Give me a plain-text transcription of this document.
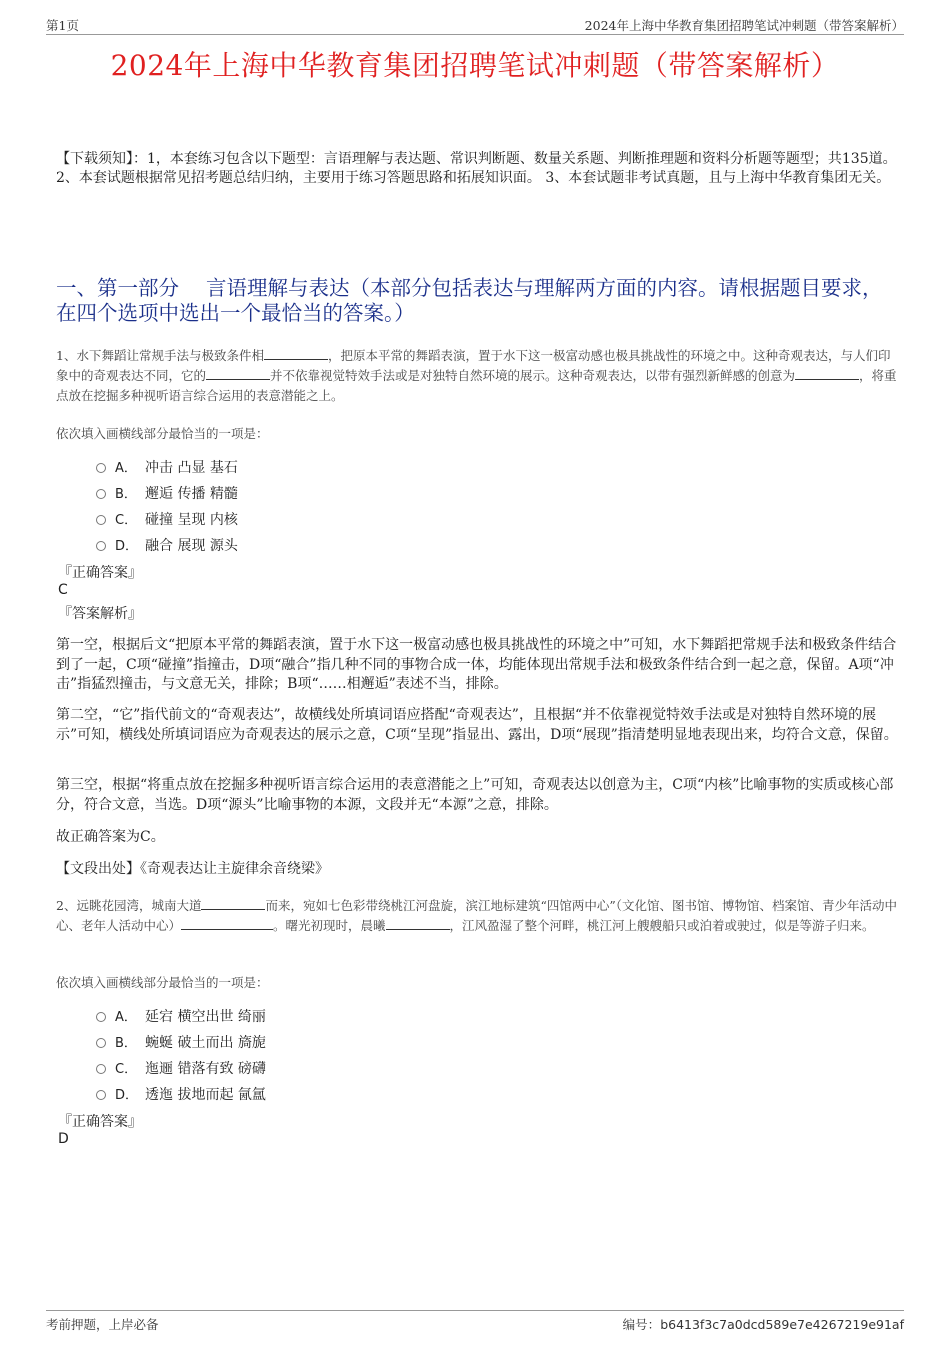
第1页	2024年上海中华教育集团招聘笔试冲刺题（带答案解析）
2024年上海中华教育集团招聘笔试冲刺题（带答案解析）
【下载须知】：1，本套练习包含以下题型：言语理解与表达题、常识判断题、数量关系题、判断推理题和资料分析题等题型；共135道。 2、本套试题根据常见招考题总结归纳，主要用于练习答题思路和拓展知识面。 3、本套试题非考试真题，且与上海中华教育集团无关。
一、第一部分　 言语理解与表达（本部分包括表达与理解两方面的内容。请根据题目要求，在四个选项中选出一个最恰当的答案。）
1、水下舞蹈让常规手法与极致条件相	，把原本平常的舞蹈表演，置于水下这一极富动感也极具挑战性的环境之中。这种奇观表达，与人们印象中的奇观表达不同，它的	并不依靠视觉特效手法或是对独特自然环境的展示。这种奇观表达，以带有强烈新鲜感的创意为	，将重点放在挖掘多种视听语言综合运用的表意潜能之上。
依次填入画横线部分最恰当的一项是：
A． 冲击 凸显 基石
B． 邂逅 传播 精髓
C． 碰撞 呈现 内核
D． 融合 展现 源头
『正确答案』
C
『答案解析』
第一空，根据后文“把原本平常的舞蹈表演，置于水下这一极富动感也极具挑战性的环境之中”可知，水下舞蹈把常规手法和极致条件结合到了一起，C项“碰撞”指撞击，D项“融合”指几种不同的事物合成一体，均能体现出常规手法和极致条件结合到一起之意，保留。A项“冲击”指猛烈撞击，与文意无关，排除；B项“……相邂逅”表述不当，排除。
第二空，“它”指代前文的“奇观表达”，故横线处所填词语应搭配“奇观表达”，且根据“并不依靠视觉特效手法或是对独特自然环境的展示”可知，横线处所填词语应为奇观表达的展示之意，C项“呈现”指显出、露出，D项“展现”指清楚明显地表现出来，均符合文意，保留。
第三空，根据“将重点放在挖掘多种视听语言综合运用的表意潜能之上”可知，奇观表达以创意为主，C项“内核”比喻事物的实质或核心部分，符合文意，当选。D项“源头”比喻事物的本源，文段并无“本源”之意，排除。
故正确答案为C。
【文段出处】《奇观表达让主旋律余音绕梁》
2、远眺花园湾，城南大道	而来，宛如七色彩带绕桃江河盘旋，滨江地标建筑“四馆两中心”（文化馆、图书馆、博物馆、档案馆、青少年活动中心、老年人活动中心）	。曙光初现时，晨曦	，江风盈湿了整个河畔，桃江河上艘艘船只或泊着或驶过，似是等游子归来。
依次填入画横线部分最恰当的一项是：
A． 延宕 横空出世 绮丽
B． 蜿蜒 破土而出 旖旎
C． 迤逦 错落有致 磅礴
D． 透迤 拔地而起 氤氲
『正确答案』
D
考前押题，上岸必备	编号：b6413f3c7a0dcd589e7e4267219e91af
